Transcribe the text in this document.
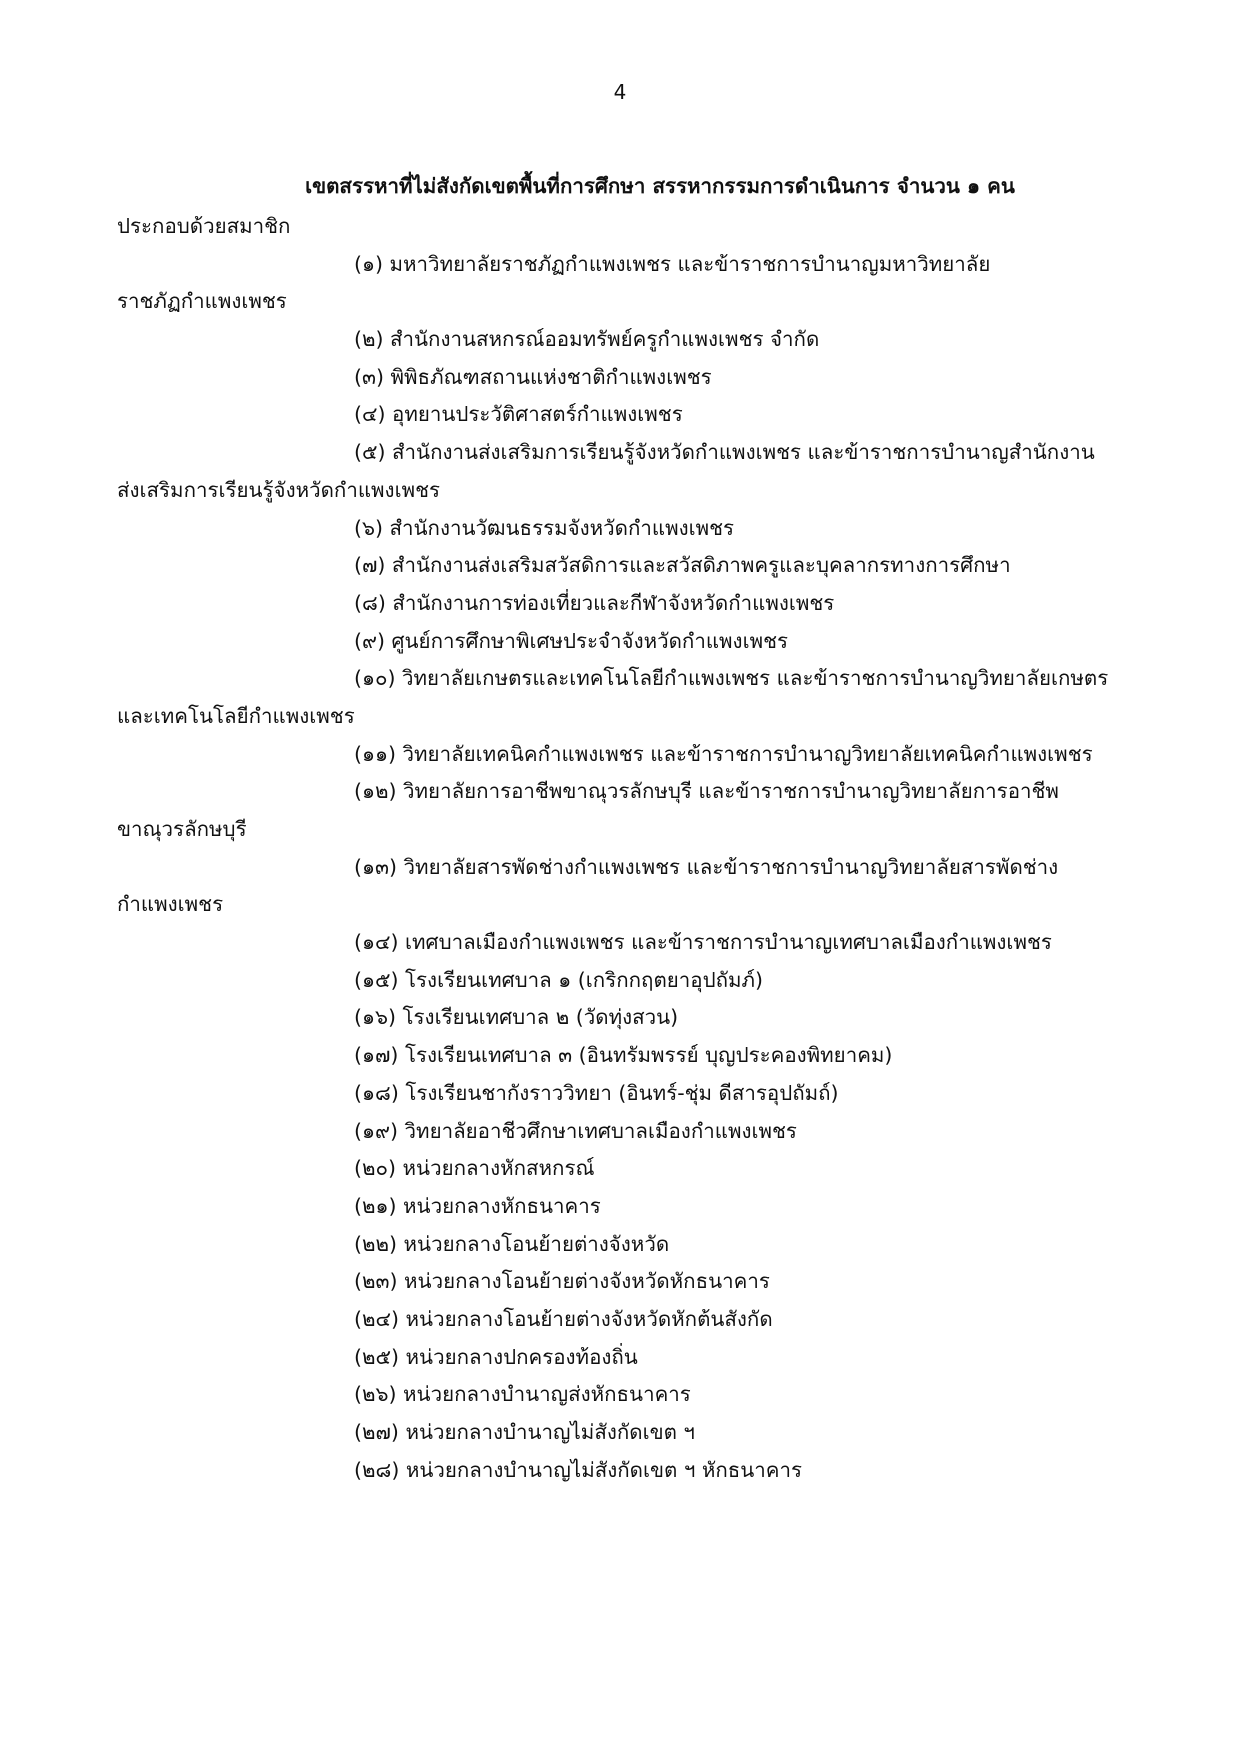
4
เขตสรรหาที่ไม่สังกัดเขตพื้นที่การศึกษา สรรหากรรมการดำเนินการ จำนวน ๑ คน
ประกอบด้วยสมาชิก
(๑) มหาวิทยาลัยราชภัฏกำแพงเพชร และข้าราชการบำนาญมหาวิทยาลัย
ราชภัฏกำแพงเพชร
(๒) สำนักงานสหกรณ์ออมทรัพย์ครูกำแพงเพชร จำกัด
(๓) พิพิธภัณฑสถานแห่งชาติกำแพงเพชร
(๔) อุทยานประวัติศาสตร์กำแพงเพชร
(๕) สำนักงานส่งเสริมการเรียนรู้จังหวัดกำแพงเพชร และข้าราชการบำนาญสำนักงาน
ส่งเสริมการเรียนรู้จังหวัดกำแพงเพชร
(๖) สำนักงานวัฒนธรรมจังหวัดกำแพงเพชร
(๗) สำนักงานส่งเสริมสวัสดิการและสวัสดิภาพครูและบุคลากรทางการศึกษา
(๘) สำนักงานการท่องเที่ยวและกีฬาจังหวัดกำแพงเพชร
(๙) ศูนย์การศึกษาพิเศษประจำจังหวัดกำแพงเพชร
(๑๐) วิทยาลัยเกษตรและเทคโนโลยีกำแพงเพชร และข้าราชการบำนาญวิทยาลัยเกษตร
และเทคโนโลยีกำแพงเพชร
(๑๑) วิทยาลัยเทคนิคกำแพงเพชร และข้าราชการบำนาญวิทยาลัยเทคนิคกำแพงเพชร
(๑๒) วิทยาลัยการอาชีพขาณุวรลักษบุรี และข้าราชการบำนาญวิทยาลัยการอาชีพ
ขาณุวรลักษบุรี
(๑๓) วิทยาลัยสารพัดช่างกำแพงเพชร และข้าราชการบำนาญวิทยาลัยสารพัดช่าง
กำแพงเพชร
(๑๔) เทศบาลเมืองกำแพงเพชร และข้าราชการบำนาญเทศบาลเมืองกำแพงเพชร
(๑๕) โรงเรียนเทศบาล ๑ (เกริกกฤตยาอุปถัมภ์)
(๑๖) โรงเรียนเทศบาล ๒ (วัดทุ่งสวน)
(๑๗) โรงเรียนเทศบาล ๓ (อินทรัมพรรย์ บุญประคองพิทยาคม)
(๑๘) โรงเรียนชากังราววิทยา (อินทร์-ชุ่ม ดีสารอุปถัมถ์)
(๑๙) วิทยาลัยอาชีวศึกษาเทศบาลเมืองกำแพงเพชร
(๒๐) หน่วยกลางหักสหกรณ์
(๒๑) หน่วยกลางหักธนาคาร
(๒๒) หน่วยกลางโอนย้ายต่างจังหวัด
(๒๓) หน่วยกลางโอนย้ายต่างจังหวัดหักธนาคาร
(๒๔) หน่วยกลางโอนย้ายต่างจังหวัดหักต้นสังกัด
(๒๕) หน่วยกลางปกครองท้องถิ่น
(๒๖) หน่วยกลางบำนาญส่งหักธนาคาร
(๒๗) หน่วยกลางบำนาญไม่สังกัดเขต ฯ
(๒๘) หน่วยกลางบำนาญไม่สังกัดเขต ฯ หักธนาคาร
